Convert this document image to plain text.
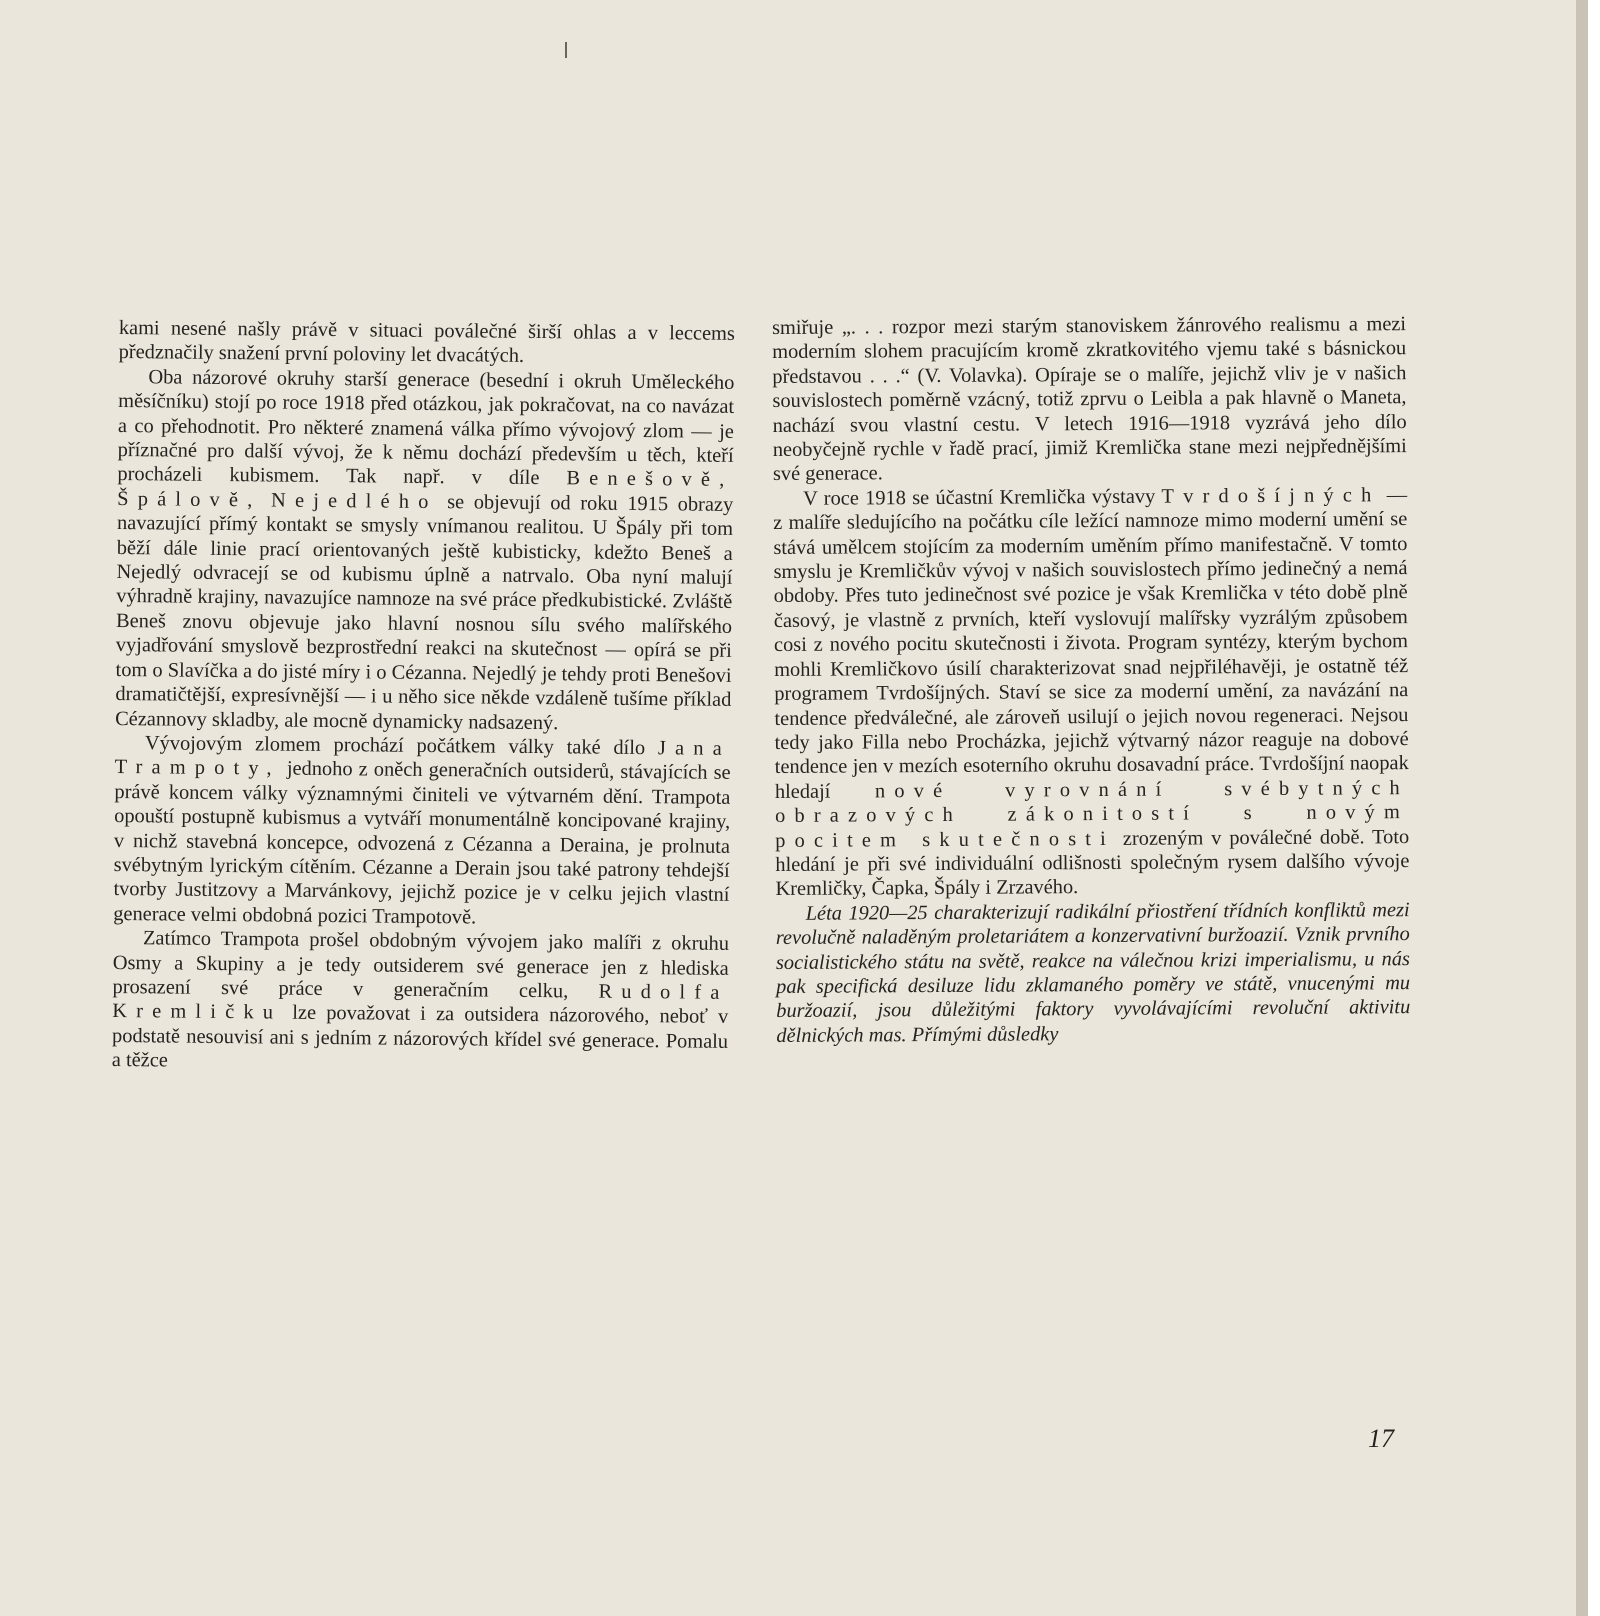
kami nesené našly právě v situaci poválečné širší ohlas a v leccems předznačily snažení první poloviny let dvacátých.

Oba názorové okruhy starší generace (besední i okruh Uměleckého měsíčníku) stojí po roce 1918 před otázkou, jak pokračovat, na co navázat a co přehodnotit. Pro některé znamená válka přímo vývojový zlom — je příznačné pro další vývoj, že k němu dochází především u těch, kteří procházeli kubismem. Tak např. v díle Benešově, Špálově, Nejedlého se objevují od roku 1915 obrazy navazující přímý kontakt se smysly vnímanou realitou. U Špály při tom běží dále linie prací orientovaných ještě kubisticky, kdežto Beneš a Nejedlý odvracejí se od kubismu úplně a natrvalo. Oba nyní malují výhradně krajiny, navazujíce namnoze na své práce předkubistické. Zvláště Beneš znovu objevuje jako hlavní nosnou sílu svého malířského vyjadřování smyslově bezprostřední reakci na skutečnost — opírá se při tom o Slavíčka a do jisté míry i o Cézanna. Nejedlý je tehdy proti Benešovi dramatičtější, expresívnější — i u něho sice někde vzdáleně tušíme příklad Cézannovy skladby, ale mocně dynamicky nadsazený.

Vývojovým zlomem prochází počátkem války také dílo Jana Trampoty, jednoho z oněch generačních outsiderů, stávajících se právě koncem války významnými činiteli ve výtvarném dění. Trampota opouští postupně kubismus a vytváří monumentálně koncipované krajiny, v nichž stavebná koncepce, odvozená z Cézanna a Deraina, je prolnuta svébytným lyrickým cítěním. Cézanne a Derain jsou také patrony tehdejší tvorby Justitzovy a Marvánkovy, jejichž pozice je v celku jejich vlastní generace velmi obdobná pozici Trampotově.

Zatímco Trampota prošel obdobným vývojem jako malíři z okruhu Osmy a Skupiny a je tedy outsiderem své generace jen z hlediska prosazení své práce v generačním celku, Rudolfa Kremličku lze považovat i za outsidera názorového, neboť v podstatě nesouvisí ani s jedním z názorových křídel své generace. Pomalu a těžce

smiřuje „. . . rozpor mezi starým stanoviskem žánrového realismu a mezi moderním slohem pracujícím kromě zkratkovitého vjemu také s básnickou představou . . .“ (V. Volavka). Opíraje se o malíře, jejichž vliv je v našich souvislostech poměrně vzácný, totiž zprvu o Leibla a pak hlavně o Maneta, nachází svou vlastní cestu. V letech 1916—1918 vyzrává jeho dílo neobyčejně rychle v řadě prací, jimiž Kremlička stane mezi nejpřednějšími své generace.

V roce 1918 se účastní Kremlička výstavy Tvrdošíjných — z malíře sledujícího na počátku cíle ležící namnoze mimo moderní umění se stává umělcem stojícím za moderním uměním přímo manifestačně. V tomto smyslu je Kremličkův vývoj v našich souvislostech přímo jedinečný a nemá obdoby. Přes tuto jedinečnost své pozice je však Kremlička v této době plně časový, je vlastně z prvních, kteří vyslovují malířsky vyzrálým způsobem cosi z nového pocitu skutečnosti i života. Program syntézy, kterým bychom mohli Kremličkovo úsilí charakterizovat snad nejpřiléhavěji, je ostatně též programem Tvrdošíjných. Staví se sice za moderní umění, za navázání na tendence předválečné, ale zároveň usilují o jejich novou regeneraci. Nejsou tedy jako Filla nebo Procházka, jejichž výtvarný názor reaguje na dobové tendence jen v mezích esoterního okruhu dosavadní práce. Tvrdošíjní naopak hledají nové vyrovnání svébytných obrazových zákonitostí s novým pocitem skutečnosti zrozeným v poválečné době. Toto hledání je při své individuální odlišnosti společným rysem dalšího vývoje Kremličky, Čapka, Špály i Zrzavého.

Léta 1920—25 charakterizují radikální přiostření třídních konfliktů mezi revolučně naladěným proletariátem a konzervativní buržoazií. Vznik prvního socialistického státu na světě, reakce na válečnou krizi imperialismu, u nás pak specifická desiluze lidu zklamaného poměry ve státě, vnucenými mu buržoazií, jsou důležitými faktory vyvolávajícími revoluční aktivitu dělnických mas. Přímými důsledky

17
